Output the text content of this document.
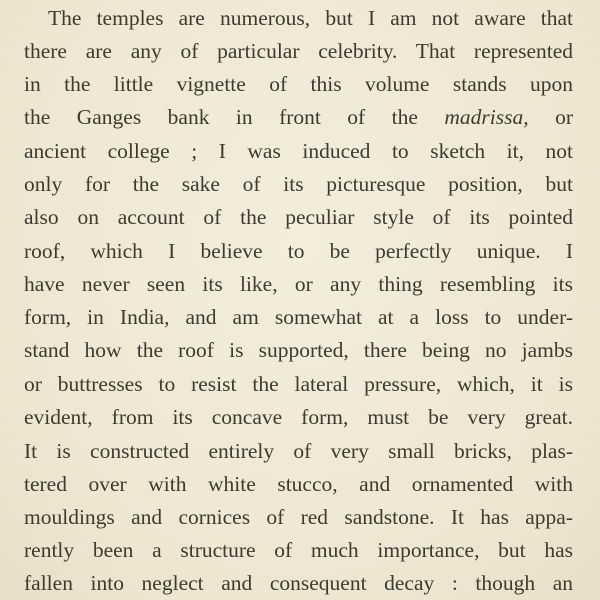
The temples are numerous, but I am not aware that
there are any of particular celebrity. That represented
in the little vignette of this volume stands upon
the Ganges bank in front of the madrissa, or
ancient college ; I was induced to sketch it, not
only for the sake of its picturesque position, but
also on account of the peculiar style of its pointed
roof, which I believe to be perfectly unique. I
have never seen its like, or any thing resembling its
form, in India, and am somewhat at a loss to under-
stand how the roof is supported, there being no jambs
or buttresses to resist the lateral pressure, which, it is
evident, from its concave form, must be very great.
It is constructed entirely of very small bricks, plas-
tered over with white stucco, and ornamented with
mouldings and cornices of red sandstone. It has appa-
rently been a structure of much importance, but has
fallen into neglect and consequent decay : though an
